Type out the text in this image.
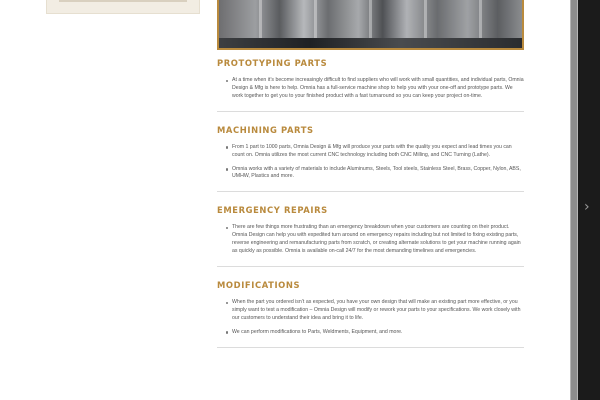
PROTOTYPING PARTS
At a time when it’s become increasingly difficult to find suppliers who will work with small quantities, and individual parts, Omnia Design & Mfg is here to help. Omnia has a full-service machine shop to help you with your one-off and prototype parts. We work together to get you to your finished product with a fast turnaround so you can keep your project on-time.
MACHINING PARTS
From 1 part to 1000 parts, Omnia Design & Mfg will produce your parts with the quality you expect and lead times you can count on. Omnia utilizes the most current CNC technology including both CNC Milling, and CNC Turning (Lathe).
Omnia works with a variety of materials to include Aluminums, Steels, Tool steels, Stainless Steel, Brass, Copper, Nylon, ABS, UMHW, Plastics and more.
EMERGENCY REPAIRS
There are few things more frustrating than an emergency breakdown when your customers are counting on their product. Omnia Design can help you with expedited turn around on emergency repairs including but not limited to fixing existing parts, reverse engineering and remanufacturing parts from scratch, or creating alternate solutions to get your machine running again as quickly as possible. Omnia is available on-call 24/7 for the most demanding timelines and emergencies.
MODIFICATIONS
When the part you ordered isn’t as expected, you have your own design that will make an existing part more effective, or you simply want to test a modification – Omnia Design will modify or rework your parts to your specifications. We work closely with our customers to understand their idea and bring it to life.
We can perform modifications to Parts, Weldments, Equipment, and more.
›
